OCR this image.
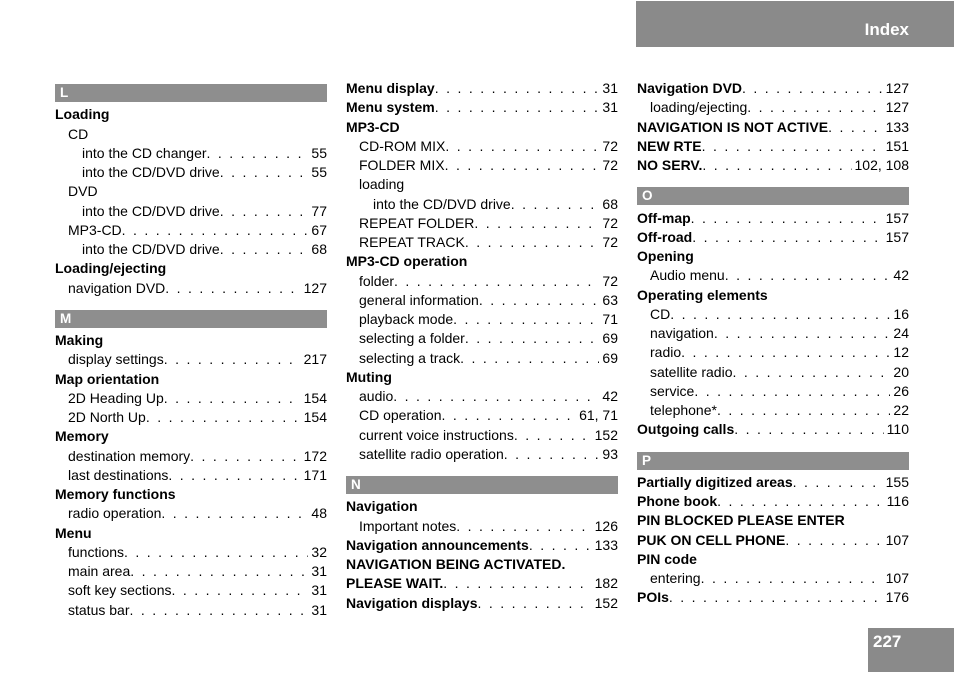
Index
L
Loading
CD
into the CD changer . . .	55
into the CD/DVD drive . . .	55
DVD
into the CD/DVD drive . . .	77
MP3-CD . . .	67
into the CD/DVD drive . . .	68
Loading/ejecting
navigation DVD . . .	127
M
Making
display settings . . .	217
Map orientation
2D Heading Up . . .	154
2D North Up . . .	154
Memory
destination memory . . .	172
last destinations . . .	171
Memory functions
radio operation . . .	48
Menu
functions . . .	32
main area . . .	31
soft key sections . . .	31
status bar . . .	31
Menu display . . .	31
Menu system . . .	31
MP3-CD
CD-ROM MIX . . .	72
FOLDER MIX . . .	72
loading
into the CD/DVD drive . . .	68
REPEAT FOLDER . . .	72
REPEAT TRACK . . .	72
MP3-CD operation
folder . . .	72
general information . . .	63
playback mode . . .	71
selecting a folder . . .	69
selecting a track . . .	69
Muting
audio . . .	42
CD operation . . .	61, 71
current voice instructions . . .	152
satellite radio operation . . .	93
N
Navigation
Important notes . . .	126
Navigation announcements . . .	133
NAVIGATION BEING ACTIVATED.
PLEASE WAIT. . . .	182
Navigation displays . . .	152
Navigation DVD . . .	127
loading/ejecting . . .	127
NAVIGATION IS NOT ACTIVE . . .	133
NEW RTE . . .	151
NO SERV. . . .	102, 108
O
Off-map . . .	157
Off-road . . .	157
Opening
Audio menu . . .	42
Operating elements
CD . . .	16
navigation . . .	24
radio . . .	12
satellite radio . . .	20
service . . .	26
telephone* . . .	22
Outgoing calls . . .	110
P
Partially digitized areas . . .	155
Phone book . . .	116
PIN BLOCKED PLEASE ENTER
PUK ON CELL PHONE . . .	107
PIN code
entering . . .	107
POIs . . .	176
227
